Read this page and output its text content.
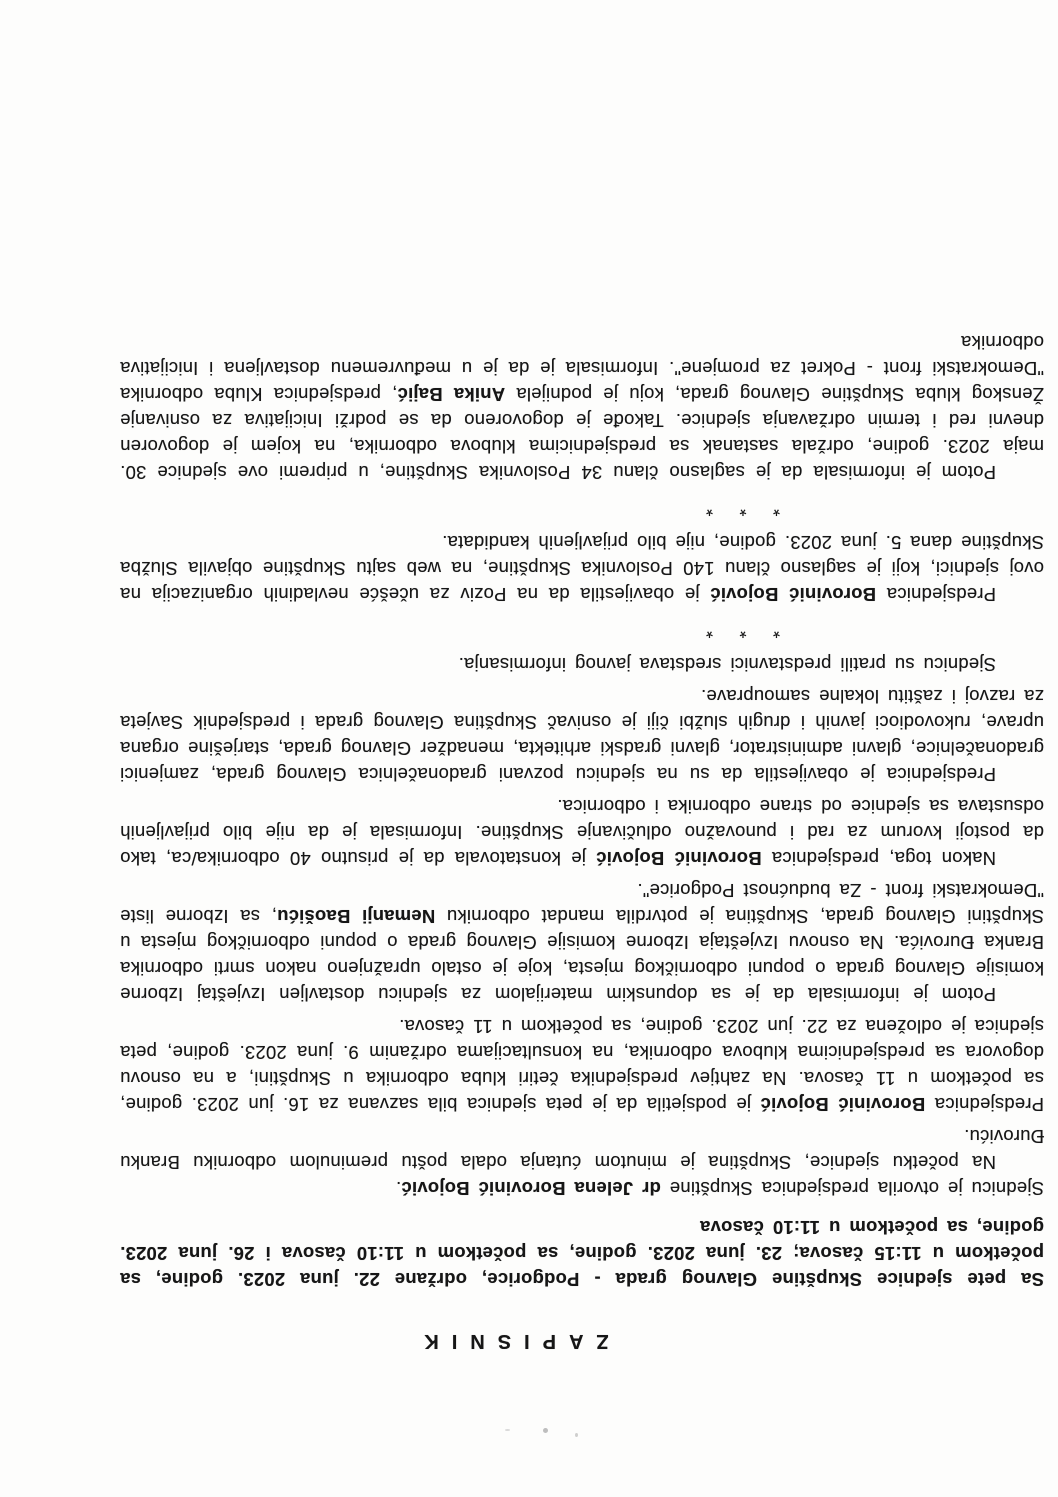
ZAPISNIK

Sa pete sjednice Skupštine Glavnog grada - Podgorice, održane 22. juna 2023. godine, sa početkom u 11:15 časova; 23. juna 2023. godine, sa početkom u 11:10 časova i 26. juna 2023. godine, sa početkom u 11:10 časova

Sjednicu je otvorila predsjednica Skupštine dr Jelena Borovinić Bojović.

Na početku sjednice, Skupština je minutom ćutanja odala poštu preminulom odborniku Branku Đuroviću.

Predsjednica Borovinić Bojović je podsjetila da je peta sjednica bila sazvana za 16. jun 2023. godine, sa početkom u 11 časova. Na zahtjev predsjednika četiri kluba odbornika u Skupštini, a na osnovu dogovora sa predsjednicima klubova odbornika, na konsultacijama održanim 9. juna 2023. godine, peta sjednica je odložena za 22. jun 2023. godine, sa početkom u 11 časova.

Potom je informisala da je sa dopunskim materijalom za sjednicu dostavljen Izvještaj Izborne komisije Glavnog grada o popuni odborničkog mjesta, koje je ostalo upražnjeno nakon smrti odbornika Branka Đurovića. Na osnovu Izvještaja Izborne komisije Glavnog grada o popuni odborničkog mjesta u Skupštini Glavnog grada, Skupština je potvrdila mandat odborniku Nemanji Baošiću, sa Izborne liste "Demokratski front - Za budućnost Podgorice".

Nakon toga, predsjednica Borovinić Bojović je konstatovala da je prisutno 40 odbornika/ca, tako da postoji kvorum za rad i punovažno odlučivanje Skupštine. Informisala je da nije bilo prijavljenih odsustava sa sjednice od strane odbornika i odbornica.

Predsjednica je obavijestila da su na sjednicu pozvani gradonačelnica Glavnog grada, zamjenici gradonačelnice, glavni administrator, glavni gradski arhitekta, menadžer Glavnog grada, starješine organa uprave, rukovodioci javnih i drugih službi čiji je osnivač Skupština Glavnog grada i predsjednik Savjeta za razvoj i zaštitu lokalne samouprave.

Sjednicu su pratili predstavnici sredstava javnog informisanja.

* * *

Predsjednica Borovinić Bojović je obavijestila da na Poziv za učešće nevladinih organizacija na ovoj sjednici, koji je saglasno članu 140 Poslovnika Skupštine, na web sajtu Skupštine objavila Služba Skupštine dana 5. juna 2023. godine, nije bilo prijavljenih kandidata.

* * *

Potom je informisala da je saglasno članu 34 Poslovnika Skupštine, u pripremi ove sjednice 30. maja 2023. godine, održala sastanak sa predsjednicima klubova odbornika, na kojem je dogovoren dnevni red i termin održavanja sjednice. Takođe je dogovoreno da se podrži Inicijativa za osnivanje Ženskog kluba Skupštine Glavnog grada, koju je podnijela Anika Bajić, predsjednica Kluba odbornika "Demokratski front - Pokret za promjene". Informisala je da je u međuvremenu dostavljena i Inicijativa odbornika
